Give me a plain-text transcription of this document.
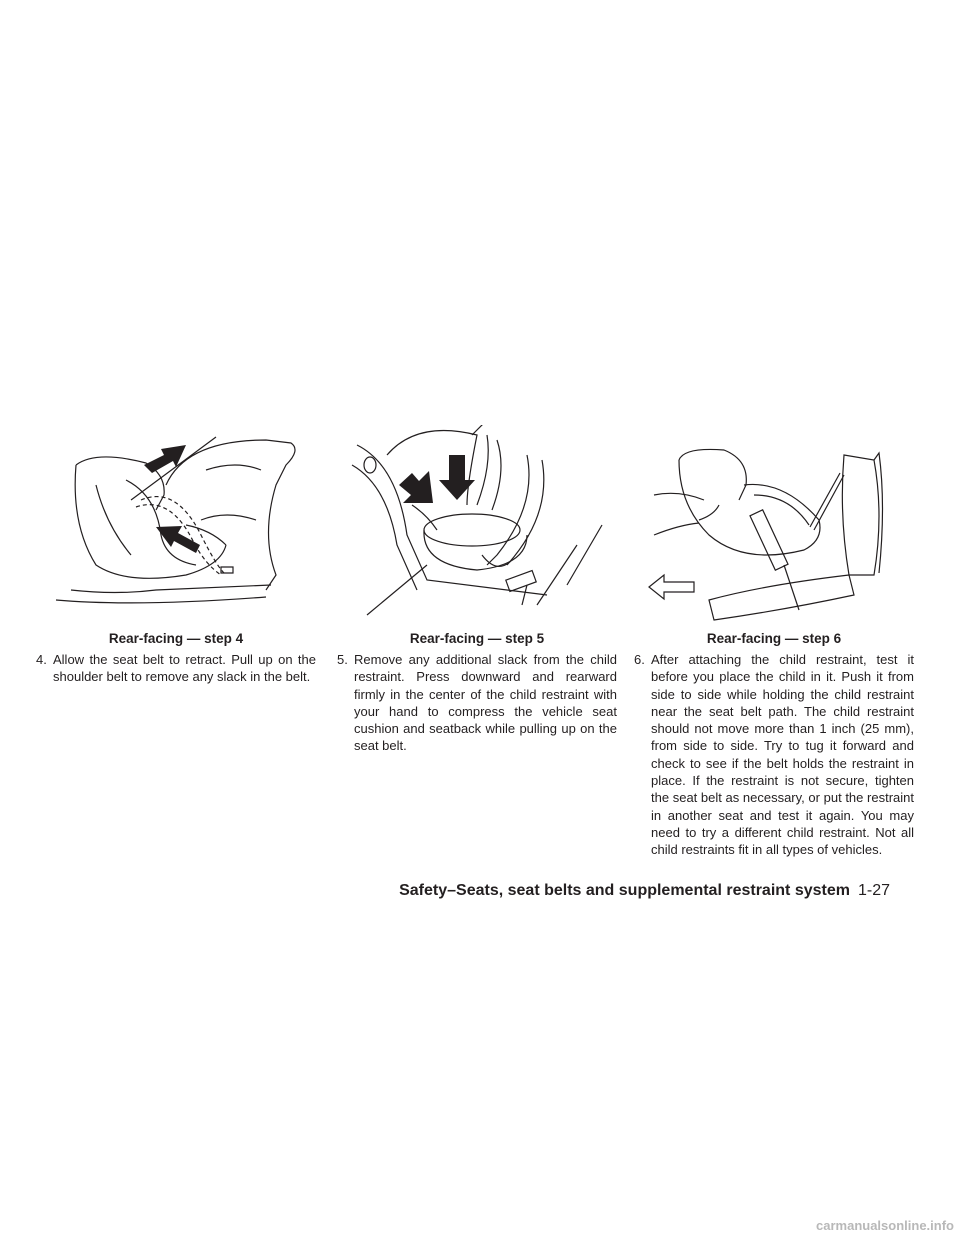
Rear-facing — step 4

4. Allow the seat belt to retract. Pull up on the shoulder belt to remove any slack in the belt.

Rear-facing — step 5

5. Remove any additional slack from the child restraint. Press downward and rearward firmly in the center of the child restraint with your hand to compress the vehicle seat cushion and seatback while pulling up on the seat belt.

Rear-facing — step 6

6. After attaching the child restraint, test it before you place the child in it. Push it from side to side while holding the child restraint near the seat belt path. The child restraint should not move more than 1 inch (25 mm), from side to side. Try to tug it forward and check to see if the belt holds the restraint in place. If the restraint is not secure, tighten the seat belt as necessary, or put the restraint in another seat and test it again. You may need to try a different child restraint. Not all child restraints fit in all types of vehicles.

Safety–Seats, seat belts and supplemental restraint system 1-27
carmanualsonline.info
